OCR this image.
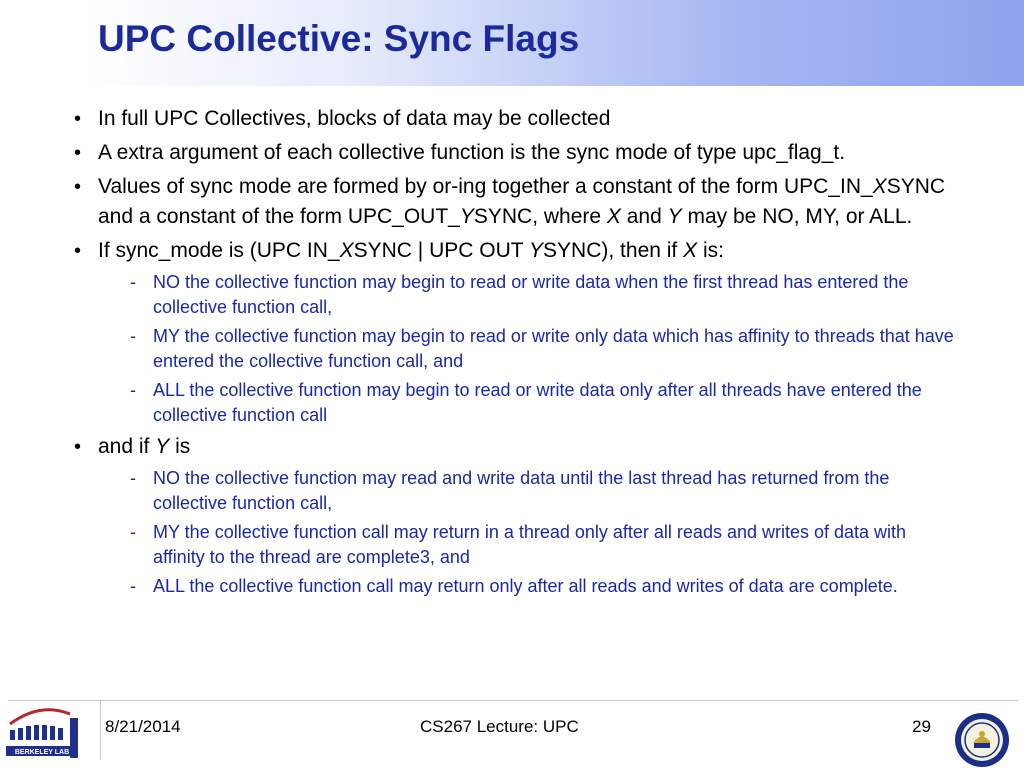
UPC Collective: Sync Flags
• In full UPC Collectives, blocks of data may be collected
• A extra argument of each collective function is the sync mode of type upc_flag_t.
• Values of sync mode are formed by or-ing together a constant of the form UPC_IN_XSYNC and a constant of the form UPC_OUT_YSYNC, where X and Y may be NO, MY, or ALL.
• If sync_mode is (UPC IN_XSYNC | UPC OUT YSYNC), then if X is:
- NO the collective function may begin to read or write data when the first thread has entered the collective function call,
- MY the collective function may begin to read or write only data which has affinity to threads that have entered the collective function call, and
- ALL the collective function may begin to read or write data only after all threads have entered the collective function call
• and if Y is
- NO the collective function may read and write data until the last thread has returned from the collective function call,
- MY the collective function call may return in a thread only after all reads and writes of data with affinity to the thread are complete3, and
- ALL the collective function call may return only after all reads and writes of data are complete.
BERKELEY LAB
8/21/2014	CS267 Lecture: UPC	29
